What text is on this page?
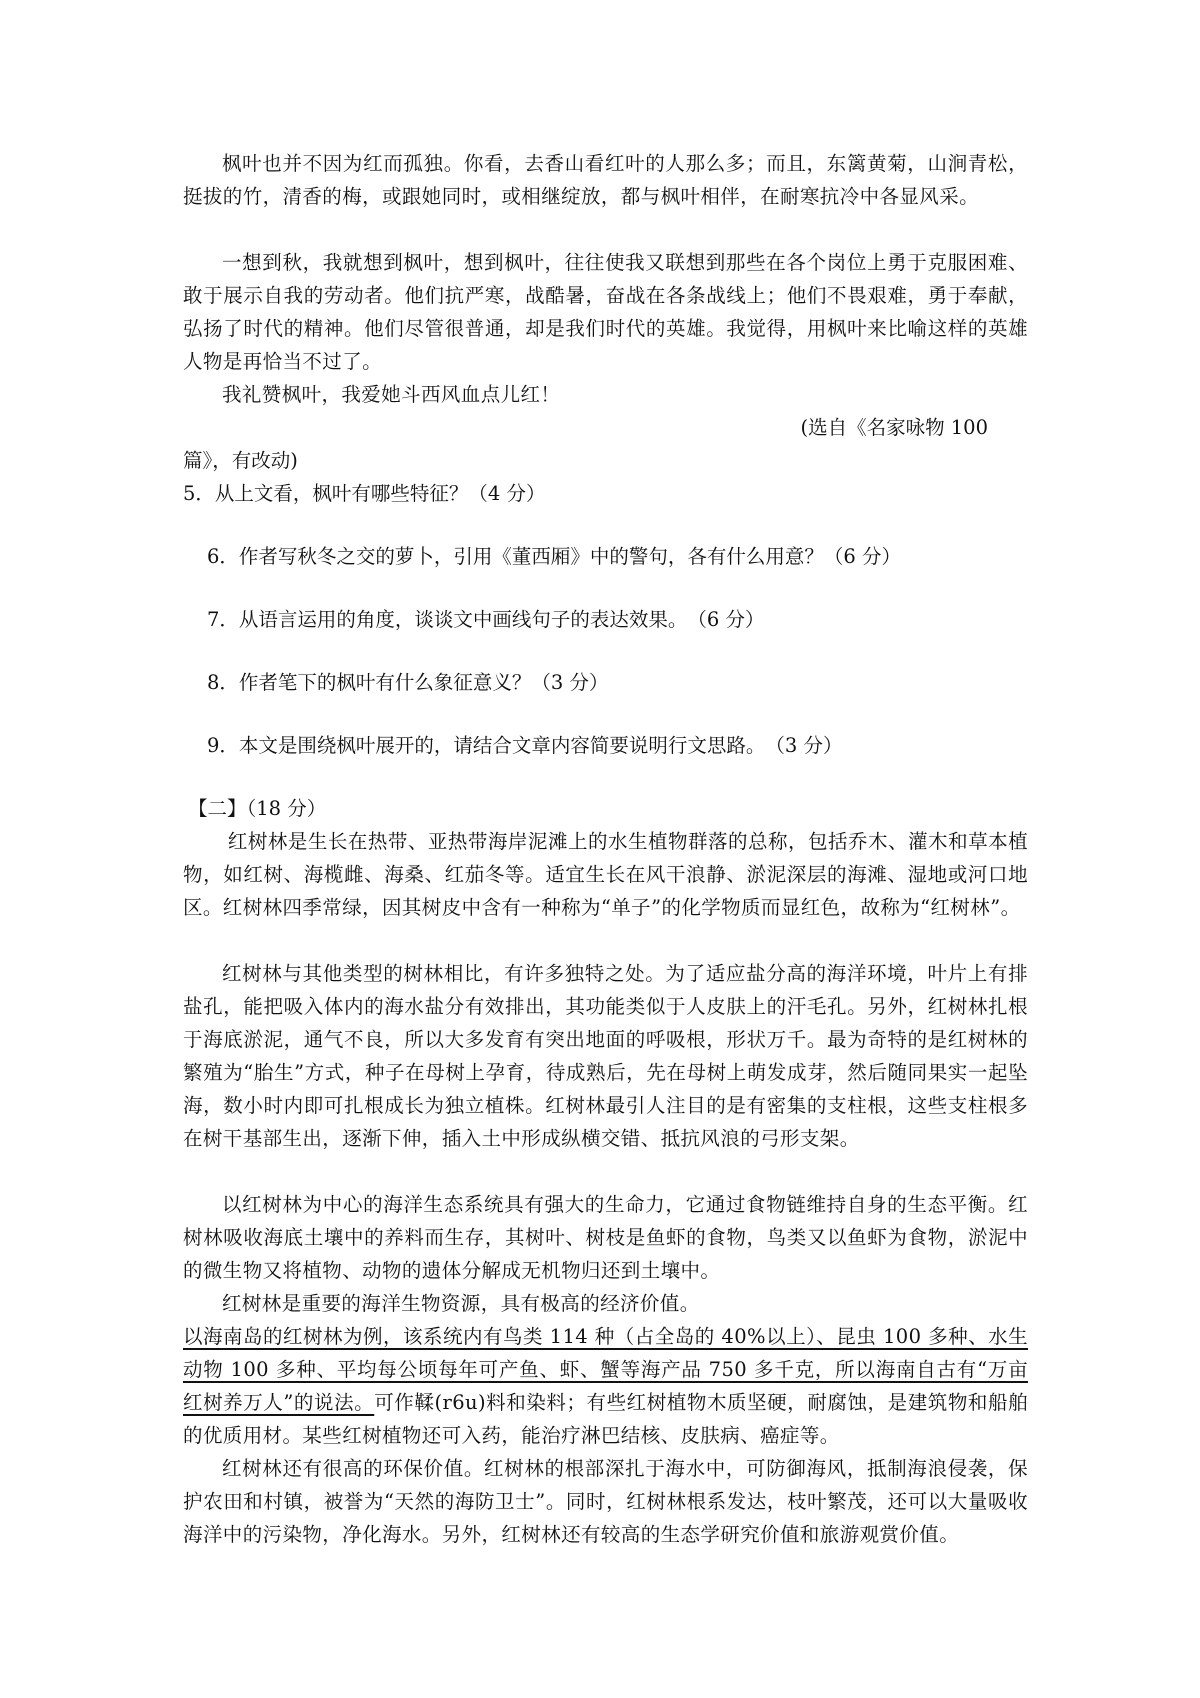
枫叶也并不因为红而孤独。你看，去香山看红叶的人那么多；而且，东篱黄菊，山涧青松，挺拔的竹，清香的梅，或跟她同时，或相继绽放，都与枫叶相伴，在耐寒抗冷中各显风采。

一想到秋，我就想到枫叶，想到枫叶，往往使我又联想到那些在各个岗位上勇于克服困难、敢于展示自我的劳动者。他们抗严寒，战酷暑，奋战在各条战线上；他们不畏艰难，勇于奉献，弘扬了时代的精神。他们尽管很普通，却是我们时代的英雄。我觉得，用枫叶来比喻这样的英雄人物是再恰当不过了。

我礼赞枫叶，我爱她斗西风血点儿红！

(选自《名家咏物 100
篇》，有改动)
5．从上文看，枫叶有哪些特征？（4 分）
6．作者写秋冬之交的萝卜，引用《董西厢》中的警句，各有什么用意？（6 分）
7．从语言运用的角度，谈谈文中画线句子的表达效果。　（6 分）
8．作者笔下的枫叶有什么象征意义？（3 分）
9．本文是围绕枫叶展开的，请结合文章内容简要说明行文思路。　（3 分）
【二】（18 分）

红树林是生长在热带、亚热带海岸泥滩上的水生植物群落的总称，包括乔木、灌木和草本植物，如红树、海榄雌、海桑、红茄冬等。适宜生长在风干浪静、淤泥深层的海滩、湿地或河口地区。红树林四季常绿，因其树皮中含有一种称为“单子”的化学物质而显红色，故称为“红树林”。

红树林与其他类型的树林相比，有许多独特之处。为了适应盐分高的海洋环境，叶片上有排盐孔，能把吸入体内的海水盐分有效排出，其功能类似于人皮肤上的汗毛孔。另外，红树林扎根于海底淤泥，通气不良，所以大多发育有突出地面的呼吸根，形状万千。最为奇特的是红树林的繁殖为“胎生”方式，种子在母树上孕育，待成熟后，先在母树上萌发成芽，然后随同果实一起坠海，数小时内即可扎根成长为独立植株。红树林最引人注目的是有密集的支柱根，这些支柱根多在树干基部生出，逐渐下伸，插入土中形成纵横交错、抵抗风浪的弓形支架。

以红树林为中心的海洋生态系统具有强大的生命力，它通过食物链维持自身的生态平衡。红树林吸收海底土壤中的养料而生存，其树叶、树枝是鱼虾的食物，鸟类又以鱼虾为食物，淤泥中的微生物又将植物、动物的遗体分解成无机物归还到土壤中。

红树林是重要的海洋生物资源，具有极高的经济价值。

以海南岛的红树林为例，该系统内有鸟类 114 种（占全岛的 40%以上）、昆虫 100 多种、水生动物 100 多种、平均每公顷每年可产鱼、虾、蟹等海产品 750 多千克，所以海南自古有“万亩红树养万人”的说法。可作鞣(r6u)料和染料；有些红树植物木质坚硬，耐腐蚀，是建筑物和船舶的优质用材。某些红树植物还可入药，能治疗淋巴结核、皮肤病、癌症等。

红树林还有很高的环保价值。红树林的根部深扎于海水中，可防御海风，抵制海浪侵袭，保护农田和村镇，被誉为“天然的海防卫士”。同时，红树林根系发达，枝叶繁茂，还可以大量吸收海洋中的污染物，净化海水。另外，红树林还有较高的生态学研究价值和旅游观赏价值。
